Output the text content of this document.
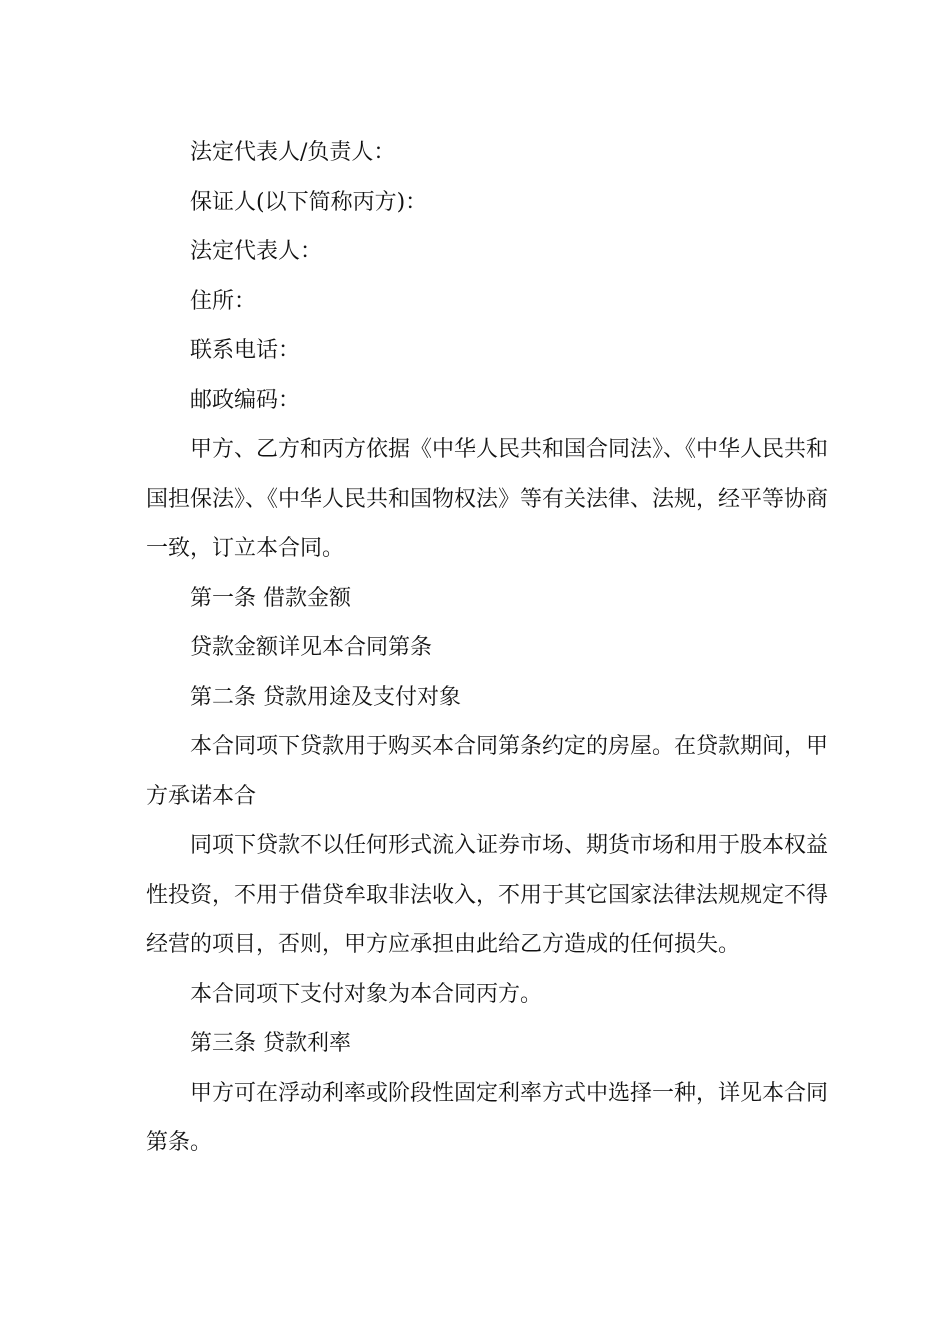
法定代表人/负责人：

保证人(以下简称丙方)：

法定代表人：

住所：

联系电话：

邮政编码：

甲方、乙方和丙方依据《中华人民共和国合同法》、《中华人民共和国担保法》、《中华人民共和国物权法》等有关法律、法规，经平等协商一致，订立本合同。

第一条 借款金额

贷款金额详见本合同第条

第二条 贷款用途及支付对象

本合同项下贷款用于购买本合同第条约定的房屋。在贷款期间，甲方承诺本合

同项下贷款不以任何形式流入证券市场、期货市场和用于股本权益性投资，不用于借贷牟取非法收入，不用于其它国家法律法规规定不得经营的项目，否则，甲方应承担由此给乙方造成的任何损失。

本合同项下支付对象为本合同丙方。

第三条 贷款利率

甲方可在浮动利率或阶段性固定利率方式中选择一种，详见本合同第条。
